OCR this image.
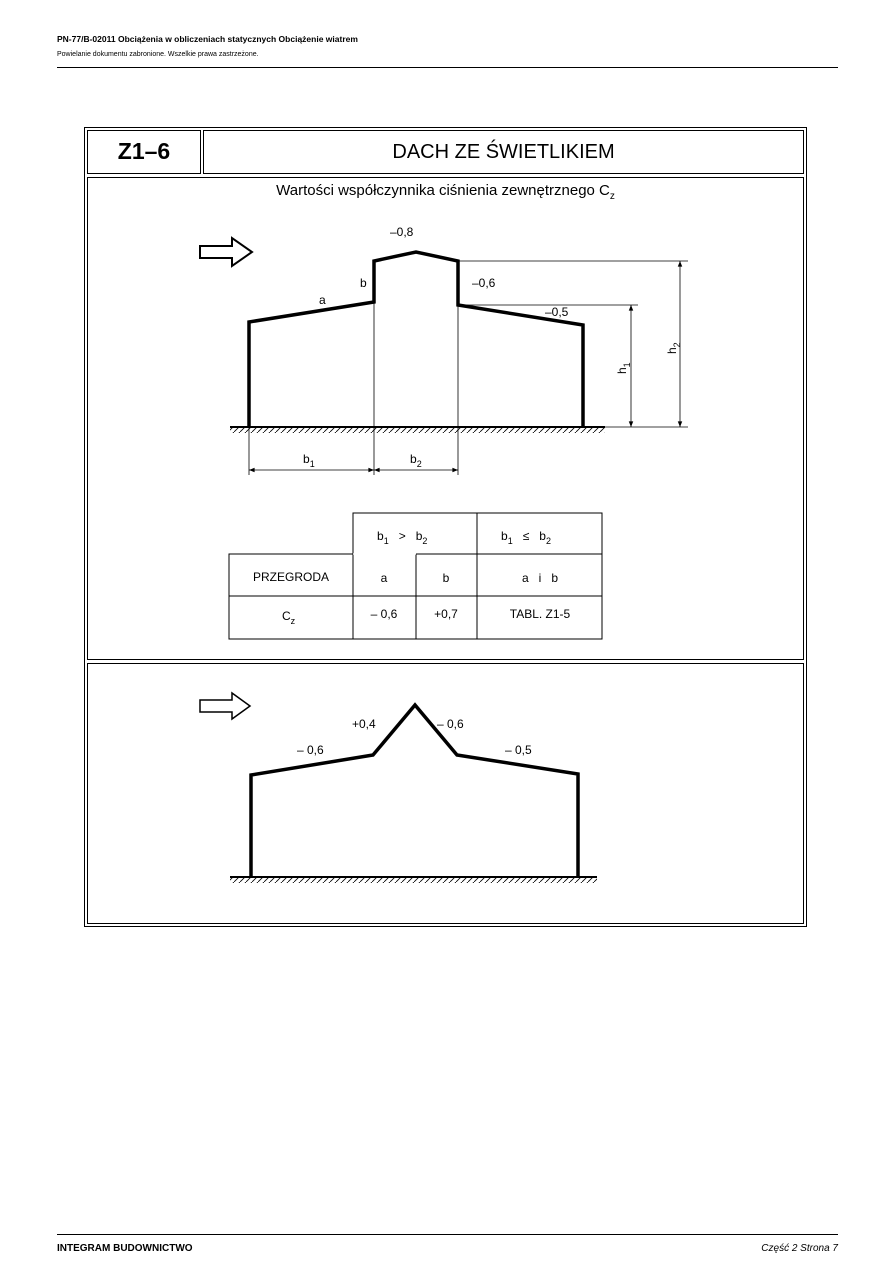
PN-77/B-02011 Obciążenia w obliczeniach statycznych Obciążenie wiatrem
Powielanie dokumentu zabronione. Wszelkie prawa zastrzeżone.
Z1–6	DACH ZE ŚWIETLIKIEM
Wartości współczynnika ciśnienia zewnętrznego $C_z$
–0,8
–0,6
–0,5
a
b
$b_1$	$b_2$
$h_1$
$h_2$
$b_1 > b_2$	$b_1 \le b_2$
PRZEGRODA	a	b	a   i   b
$C_z$	– 0,6	+0,7	TABL. Z1-5
– 0,6
+0,4	– 0,6
– 0,5
INTEGRAM BUDOWNICTWO	Część 2 Strona 7
